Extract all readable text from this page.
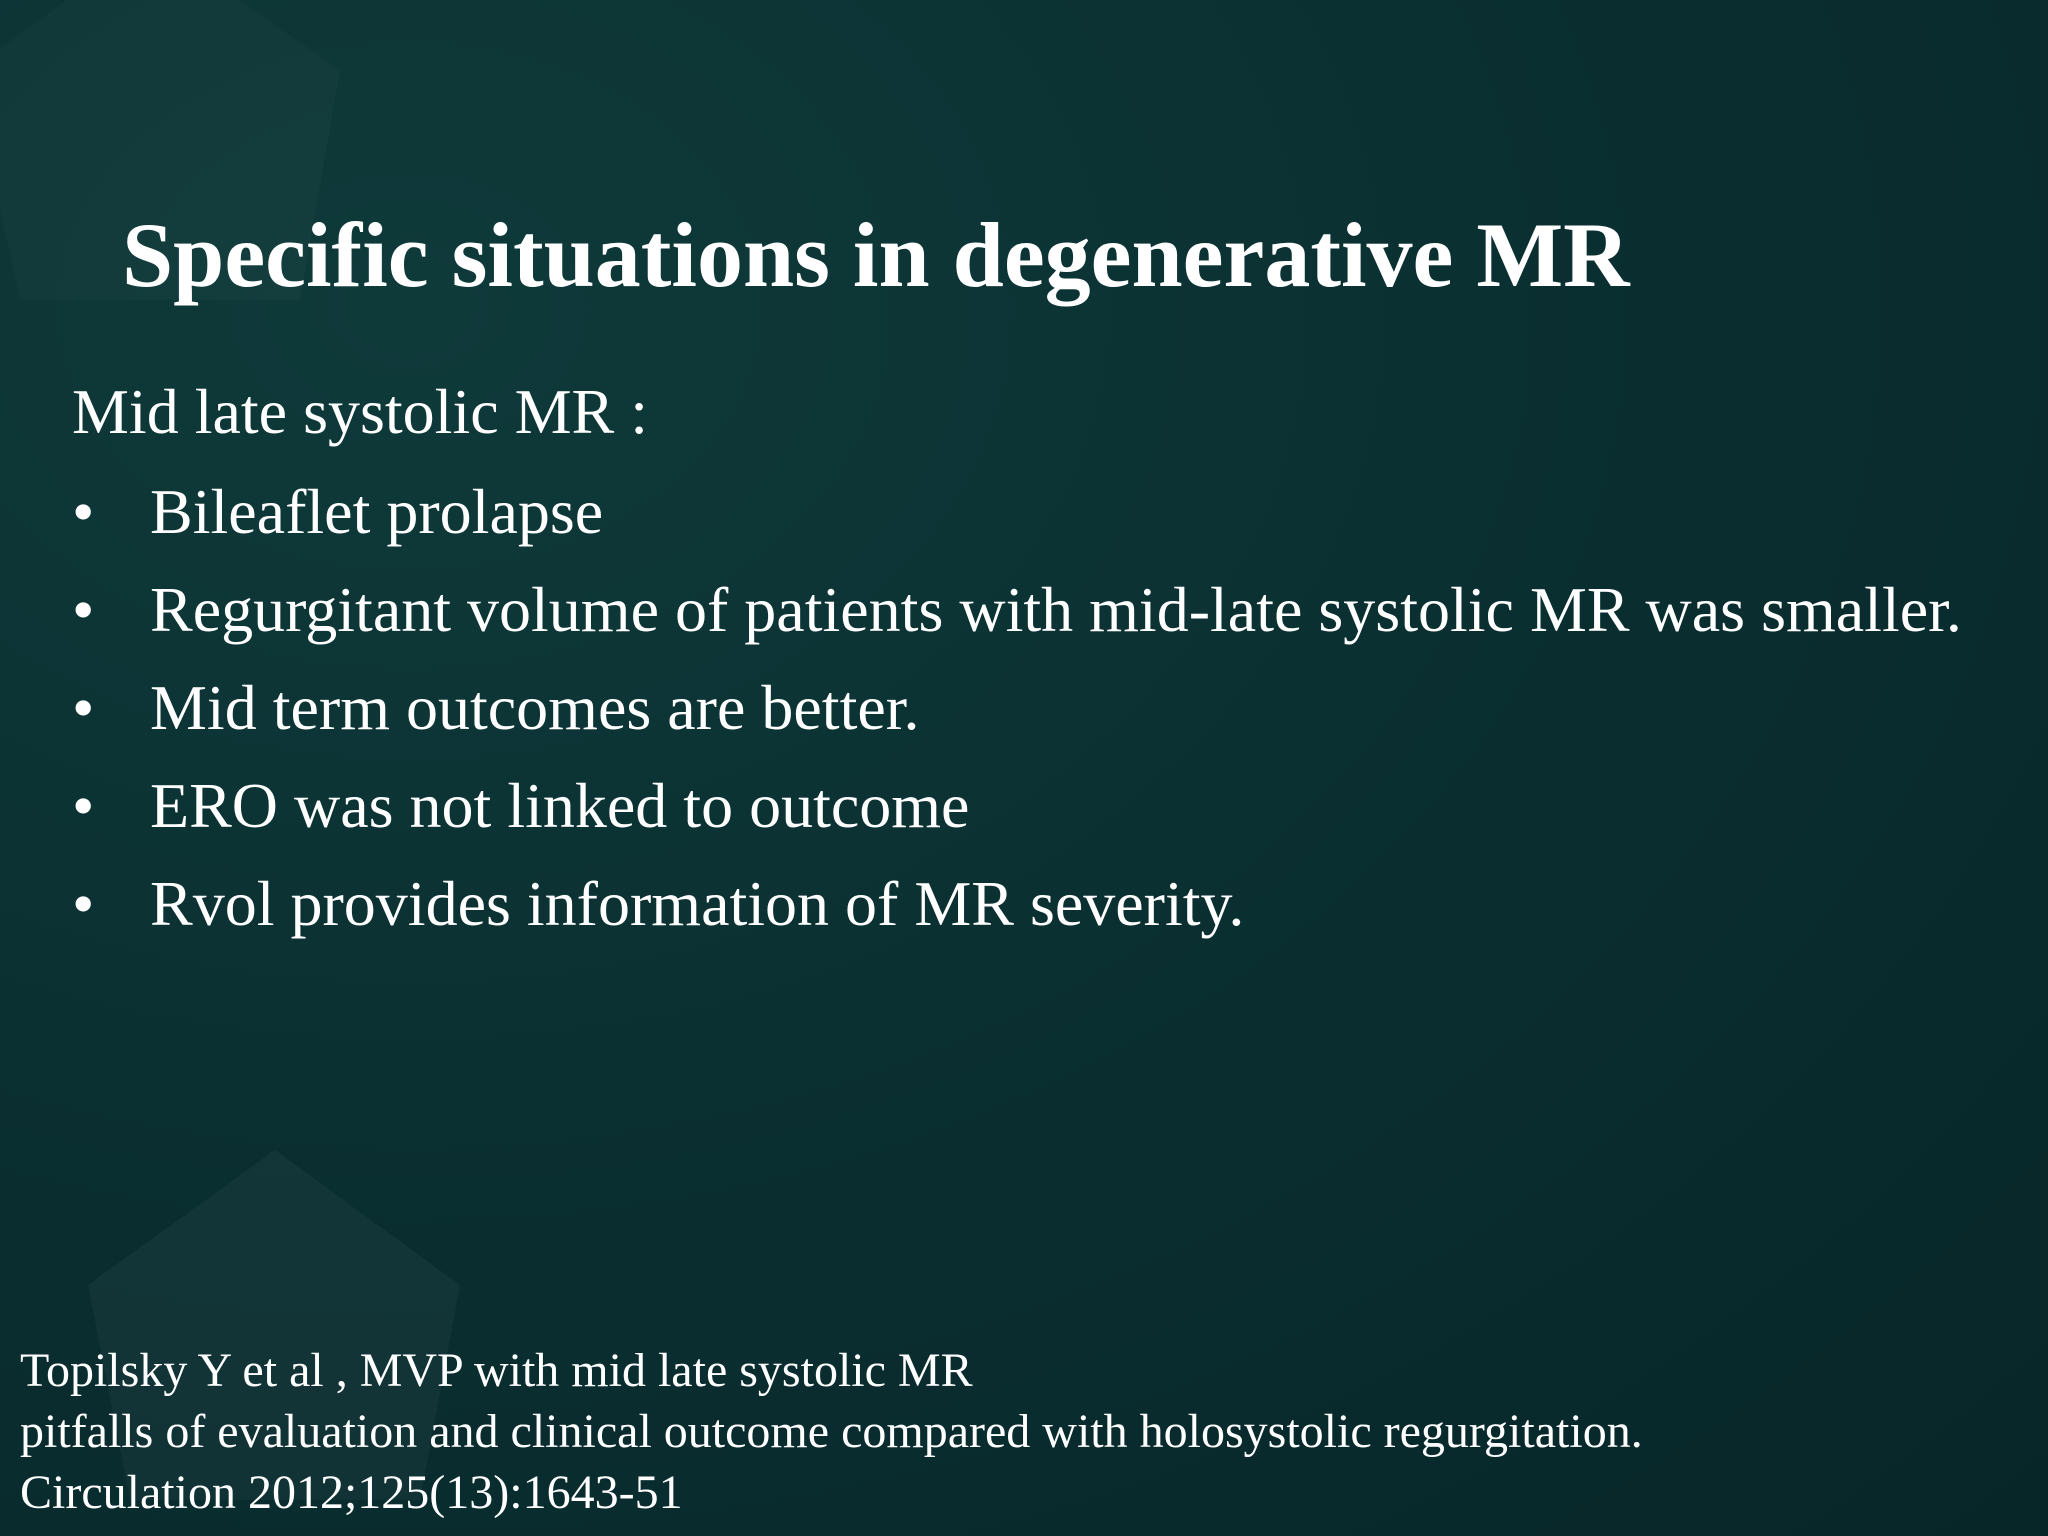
Specific situations in degenerative MR
Mid late systolic MR :
• Bileaflet prolapse
• Regurgitant volume of patients with mid-late systolic MR was smaller.
• Mid term outcomes are better.
• ERO was not linked to outcome
• Rvol provides information of MR severity.
Topilsky Y et al , MVP with mid late systolic MR
pitfalls of evaluation and clinical outcome compared with holosystolic regurgitation.
Circulation 2012;125(13):1643-51
